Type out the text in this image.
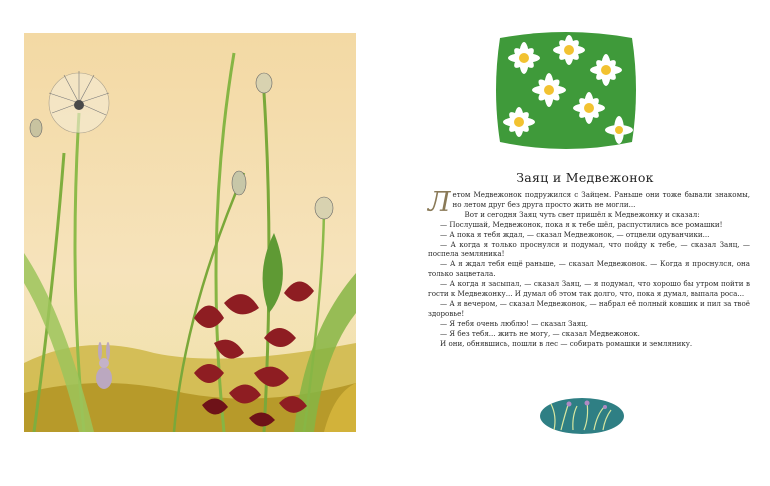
Заяц и Медвежонок
Л етом Медвежонок подружился с Зайцем. Раньше они тоже бывали знакомы, но летом друг без друга просто жить не могли...

Вот и сегодня Заяц чуть свет пришёл к Медвежонку и сказал:

— Послушай, Медвежонок, пока я к тебе шёл, распустились все ромашки!

— А пока я тебя ждал, — сказал Медвежонок, — отцвели одуванчики...

— А когда я только проснулся и подумал, что пойду к тебе, — сказал Заяц, — поспела земляника!

— А я ждал тебя ещё раньше, — сказал Медвежонок. — Когда я проснулся, она только зацветала.

— А когда я засыпал, — сказал Заяц, — я подумал, что хорошо бы утром пойти в гости к Медвежонку... И думал об этом так долго, что, пока я думал, выпала роса...

— А я вечером, — сказал Медвежонок, — набрал её полный ковшик и пил за твоё здоровье!

— Я тебя очень люблю! — сказал Заяц.

— Я без тебя... жить не могу, — сказал Медвежонок.

И они, обнявшись, пошли в лес — собирать ромашки и землянику.
